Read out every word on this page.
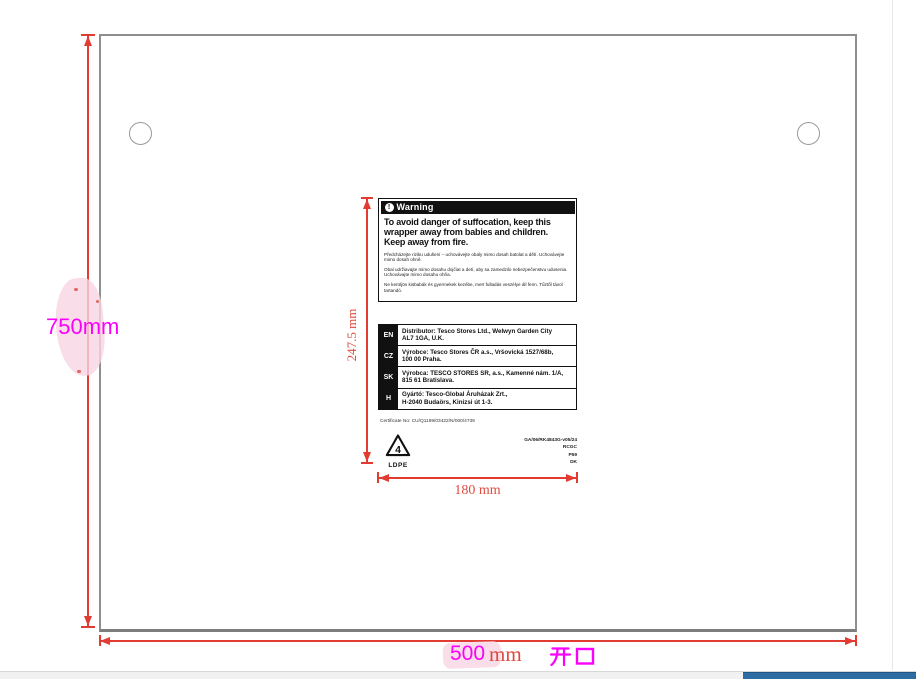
750mm
500 mm
! Warning
To avoid danger of suffocation, keep this wrapper away from babies and children. Keep away from fire.
Předcházejte riziku udušení – uchovávejte obaly mimo dosah batolat a dětí. Uchovávejte mimo dosah ohně.
Obal udržiavajte mimo dosahu dojčiat a detí, aby sa zamedzilo nebezpečenstvu udusenia. Uchovávajte mimo dosahu ohňa.
Ne kerüljön kisbabák és gyermekek kezébe, mert fulladás veszélye áll fenn. Tűztől távol tartandó.
EN
Distributor: Tesco Stores Ltd., Welwyn Garden City
AL7 1GA, U.K.
CZ
Výrobce: Tesco Stores ČR a.s., Vršovická 1527/68b,
100 00 Praha.
SK
Výrobca: TESCO STORES SR, a.s., Kamenné nám. 1/A,
815 61 Bratislava.
H
Gyártó: Tesco-Global Áruházak Zrt.,
H-2040 Budaörs, Kinizsi út 1-3.
Certificate No: CU/Q1189/03422/N/000/4739
4
LDPE
GA/06/RK4843G-v05/24
RCGC
P59
DK
247.5 mm
180 mm
